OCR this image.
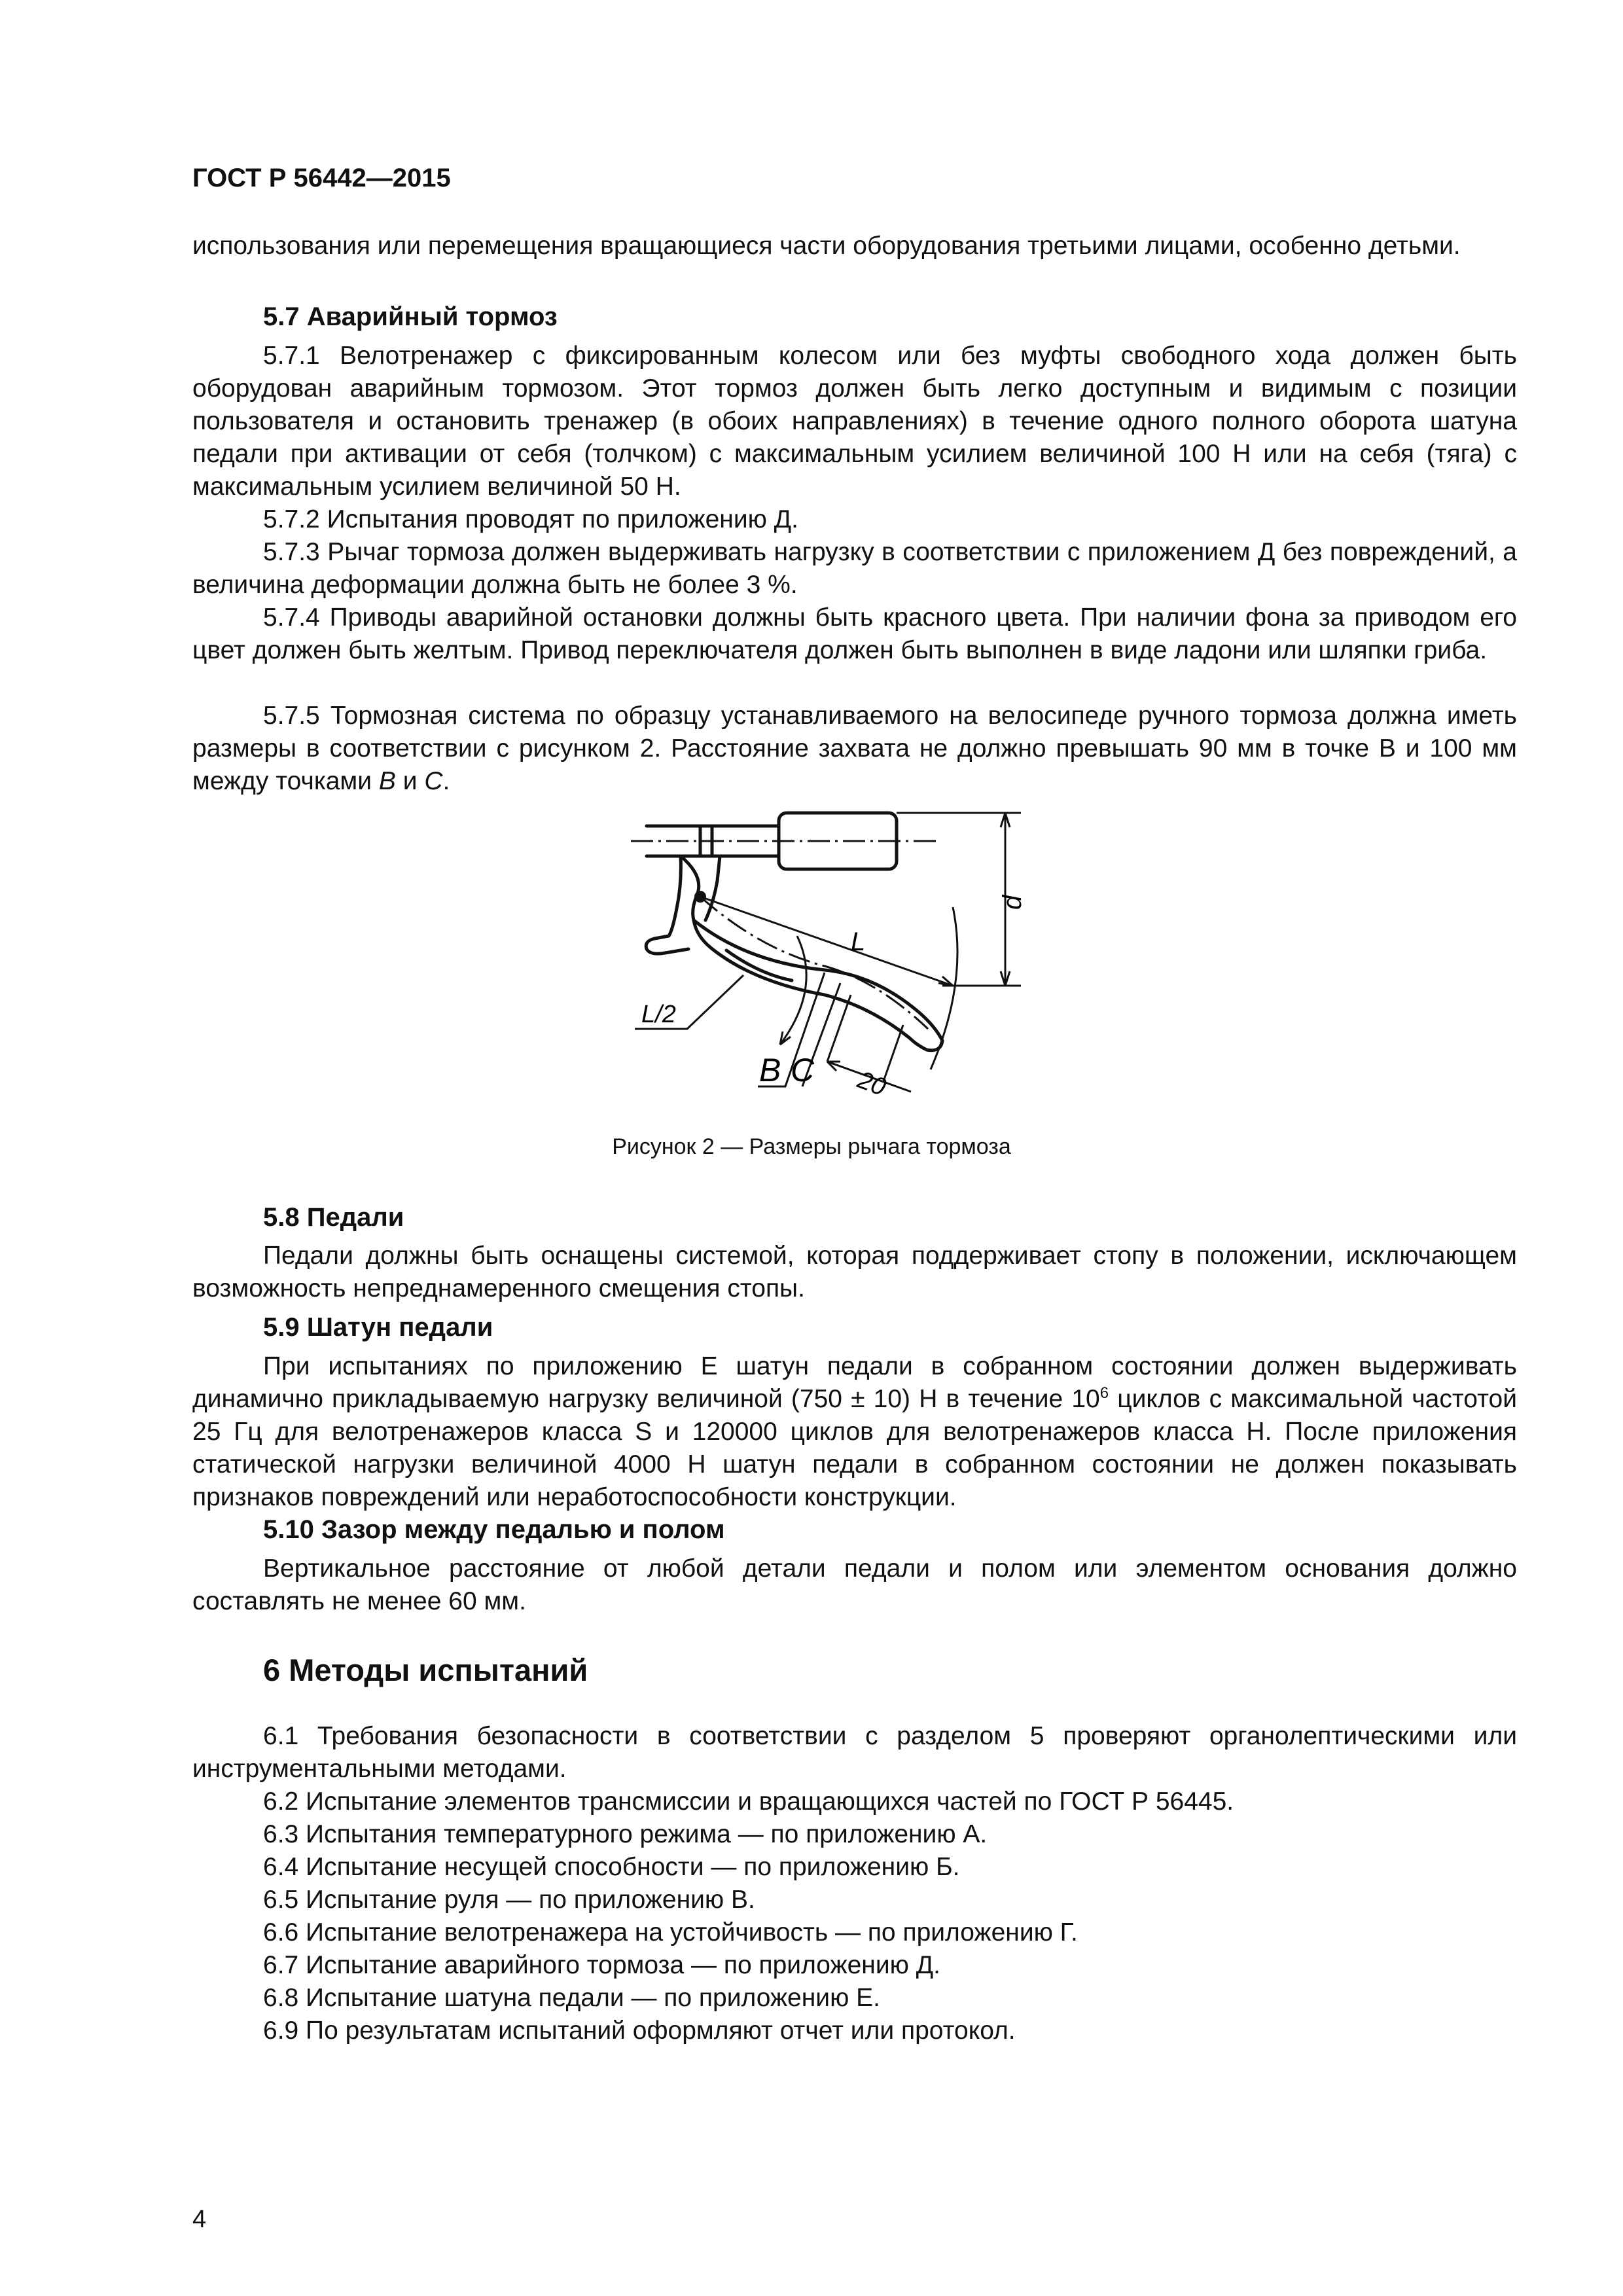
ГОСТ Р 56442—2015

использования или перемещения вращающиеся части оборудования третьими лицами, особенно детьми.

5.7 Аварийный тормоз

5.7.1 Велотренажер с фиксированным колесом или без муфты свободного хода должен быть оборудован аварийным тормозом. Этот тормоз должен быть легко доступным и видимым с позиции пользователя и остановить тренажер (в обоих направлениях) в течение одного полного оборота шатуна педали при активации от себя (толчком) с максимальным усилием величиной 100 Н или на себя (тяга) с максимальным усилием величиной 50 Н.

5.7.2 Испытания проводят по приложению Д.

5.7.3 Рычаг тормоза должен выдерживать нагрузку в соответствии с приложением Д без повреждений, а величина деформации должна быть не более 3 %.

5.7.4 Приводы аварийной остановки должны быть красного цвета. При наличии фона за приводом его цвет должен быть желтым. Привод переключателя должен быть выполнен в виде ладони или шляпки гриба.

5.7.5 Тормозная система по образцу устанавливаемого на велосипеде ручного тормоза должна иметь размеры в соответствии с рисунком 2. Расстояние захвата не должно превышать 90 мм в точке В и 100 мм между точками B и C.

d
L
L/2
B C 20
Рисунок 2 — Размеры рычага тормоза
5.8 Педали

Педали должны быть оснащены системой, которая поддерживает стопу в положении, исключающем возможность непреднамеренного смещения стопы.

5.9 Шатун педали

При испытаниях по приложению Е шатун педали в собранном состоянии должен выдерживать динамично прикладываемую нагрузку величиной (750 ± 10) Н в течение $10^6$ циклов с максимальной частотой 25 Гц для велотренажеров класса S и 120000 циклов для велотренажеров класса Н. После приложения статической нагрузки величиной 4000 Н шатун педали в собранном состоянии не должен показывать признаков повреждений или неработоспособности конструкции.

5.10 Зазор между педалью и полом

Вертикальное расстояние от любой детали педали и полом или элементом основания должно составлять не менее 60 мм.

6 Методы испытаний

6.1 Требования безопасности в соответствии с разделом 5 проверяют органолептическими или инструментальными методами.

6.2 Испытание элементов трансмиссии и вращающихся частей по ГОСТ Р 56445.
6.3 Испытания температурного режима — по приложению А.
6.4 Испытание несущей способности — по приложению Б.
6.5 Испытание руля — по приложению В.
6.6 Испытание велотренажера на устойчивость — по приложению Г.
6.7 Испытание аварийного тормоза — по приложению Д.
6.8 Испытание шатуна педали — по приложению Е.
6.9 По результатам испытаний оформляют отчет или протокол.
4
